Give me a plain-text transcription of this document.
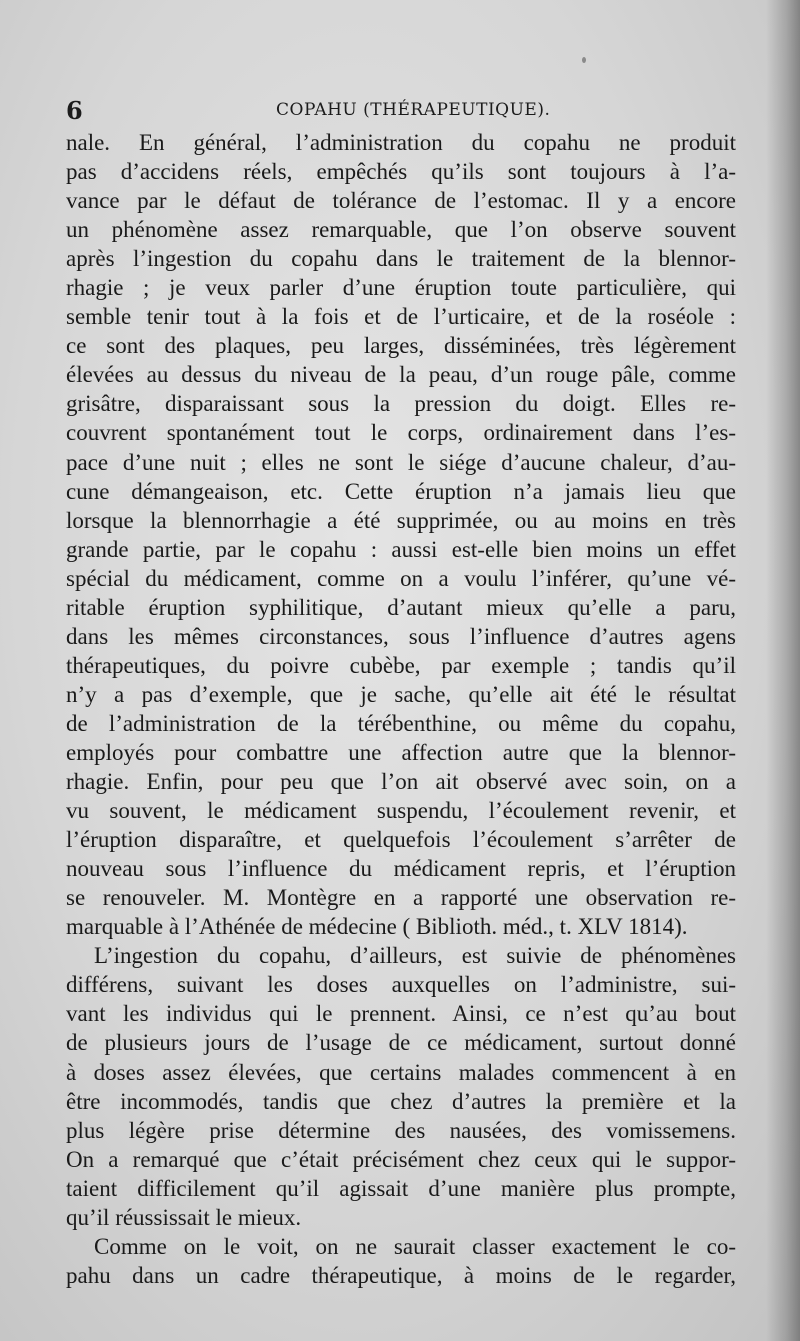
6	COPAHU (THÉRAPEUTIQUE).
nale. En général, l’administration du copahu ne produit
pas d’accidens réels, empêchés qu’ils sont toujours à l’a-
vance par le défaut de tolérance de l’estomac. Il y a encore
un phénomène assez remarquable, que l’on observe souvent
après l’ingestion du copahu dans le traitement de la blennor-
rhagie ; je veux parler d’une éruption toute particulière, qui
semble tenir tout à la fois et de l’urticaire, et de la roséole :
ce sont des plaques, peu larges, disséminées, très légèrement
élevées au dessus du niveau de la peau, d’un rouge pâle, comme
grisâtre, disparaissant sous la pression du doigt. Elles re-
couvrent spontanément tout le corps, ordinairement dans l’es-
pace d’une nuit ; elles ne sont le siége d’aucune chaleur, d’au-
cune démangeaison, etc. Cette éruption n’a jamais lieu que
lorsque la blennorrhagie a été supprimée, ou au moins en très
grande partie, par le copahu : aussi est-elle bien moins un effet
spécial du médicament, comme on a voulu l’inférer, qu’une vé-
ritable éruption syphilitique, d’autant mieux qu’elle a paru,
dans les mêmes circonstances, sous l’influence d’autres agens
thérapeutiques, du poivre cubèbe, par exemple ; tandis qu’il
n’y a pas d’exemple, que je sache, qu’elle ait été le résultat
de l’administration de la térébenthine, ou même du copahu,
employés pour combattre une affection autre que la blennor-
rhagie. Enfin, pour peu que l’on ait observé avec soin, on a
vu souvent, le médicament suspendu, l’écoulement revenir, et
l’éruption disparaître, et quelquefois l’écoulement s’arrêter de
nouveau sous l’influence du médicament repris, et l’éruption
se renouveler. M. Montègre en a rapporté une observation re-
marquable à l’Athénée de médecine ( Biblioth. méd., t. XLV 1814).
L’ingestion du copahu, d’ailleurs, est suivie de phénomènes
différens, suivant les doses auxquelles on l’administre, sui-
vant les individus qui le prennent. Ainsi, ce n’est qu’au bout
de plusieurs jours de l’usage de ce médicament, surtout donné
à doses assez élevées, que certains malades commencent à en
être incommodés, tandis que chez d’autres la première et la
plus légère prise détermine des nausées, des vomissemens.
On a remarqué que c’était précisément chez ceux qui le suppor-
taient difficilement qu’il agissait d’une manière plus prompte,
qu’il réussissait le mieux.
Comme on le voit, on ne saurait classer exactement le co-
pahu dans un cadre thérapeutique, à moins de le regarder,
